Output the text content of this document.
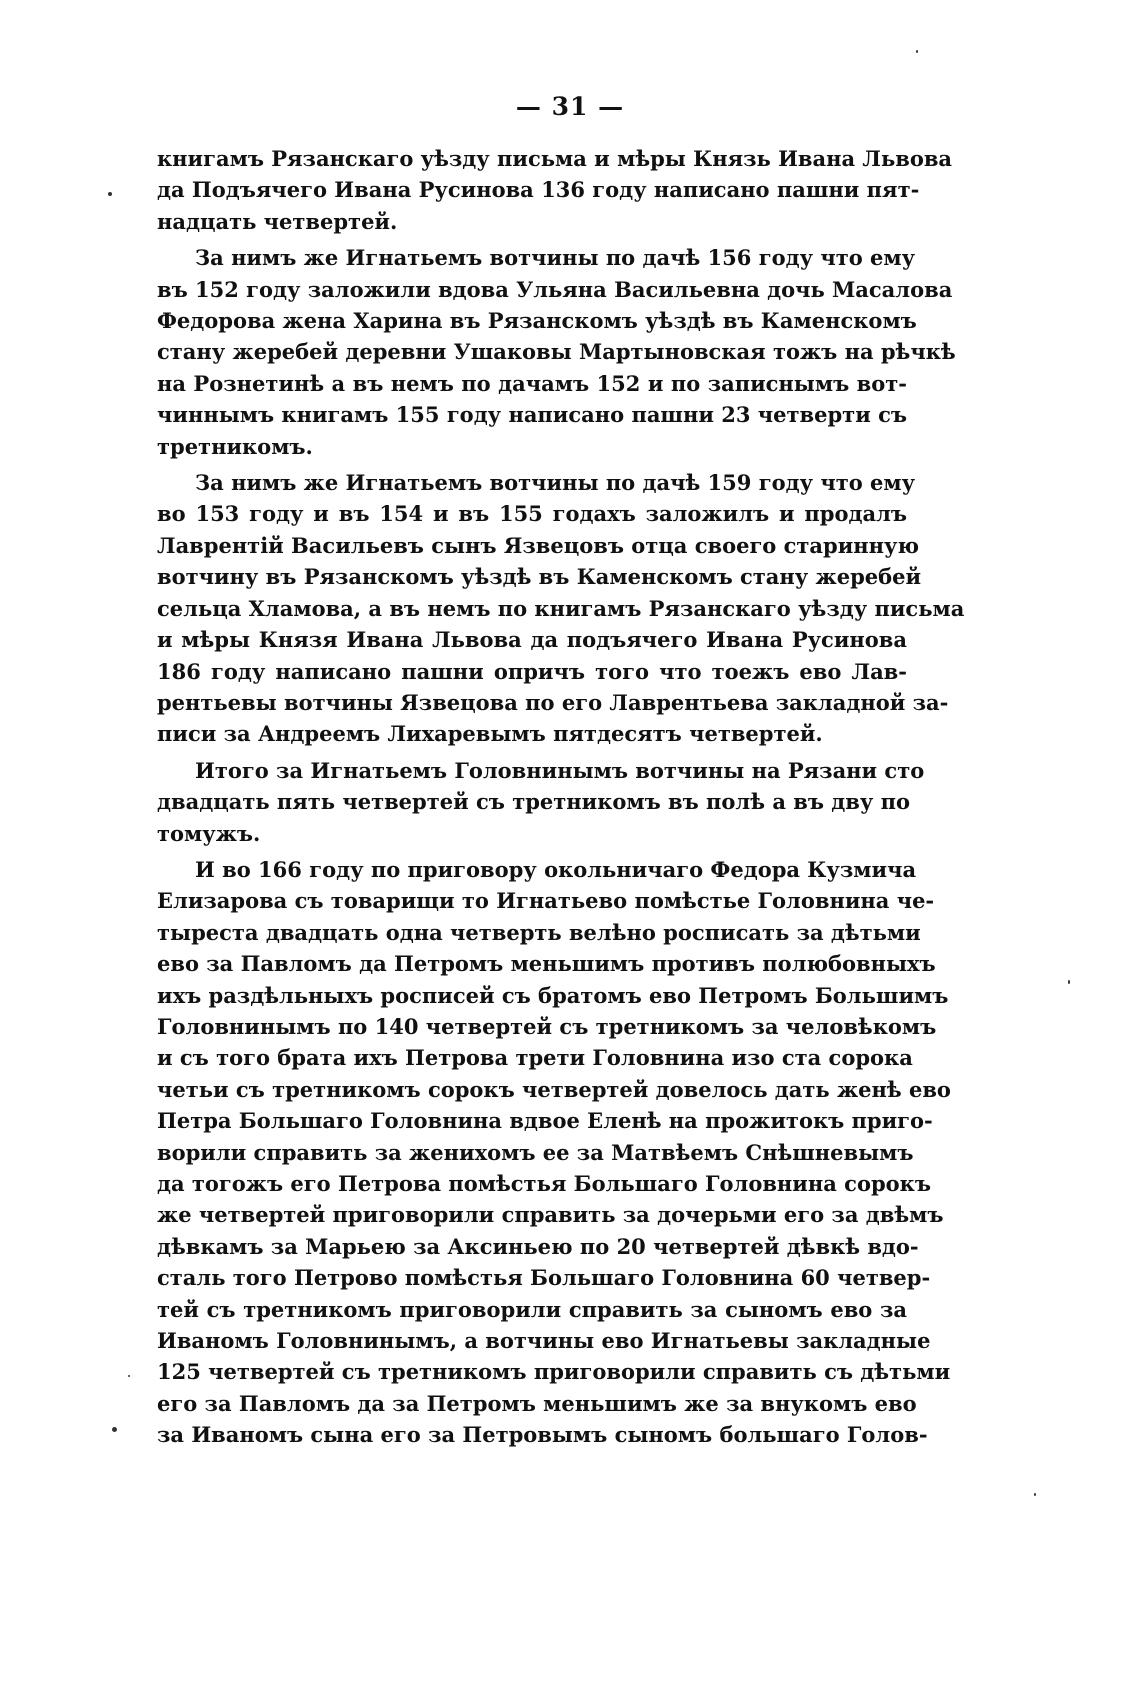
— 31 —

книгамъ Рязанскаго уѣзду письма и мѣры Князь Ивана Львова
да Подъячего Ивана Русинова 136 году написано пашни пят-
надцать четвертей.

За нимъ же Игнатьемъ вотчины по дачѣ 156 году что ему
въ 152 году заложили вдова Ульяна Васильевна дочь Масалова
Федорова жена Харина въ Рязанскомъ уѣздѣ въ Каменскомъ
стану жеребей деревни Ушаковы Мартыновская тожъ на рѣчкѣ
на Рознетинѣ а въ немъ по дачамъ 152 и по записнымъ вот-
чиннымъ книгамъ 155 году написано пашни 23 четверти съ
третникомъ.

За нимъ же Игнатьемъ вотчины по дачѣ 159 году что ему
во 153 году и въ 154 и въ 155 годахъ заложилъ и продалъ
Лаврентій Васильевъ сынъ Язвецовъ отца своего старинную
вотчину въ Рязанскомъ уѣздѣ въ Каменскомъ стану жеребей
сельца Хламова, а въ немъ по книгамъ Рязанскаго уѣзду письма
и мѣры Князя Ивана Львова да подъячего Ивана Русинова
186 году написано пашни опричъ того что тоежъ ево Лав-
рентьевы вотчины Язвецова по его Лаврентьева закладной за-
писи за Андреемъ Лихаревымъ пятдесятъ четвертей.

Итого за Игнатьемъ Головнинымъ вотчины на Рязани сто
двадцать пять четвертей съ третникомъ въ полѣ а въ дву по
томужъ.

И во 166 году по приговору окольничаго Федора Кузмича
Елизарова съ товарищи то Игнатьево помѣстье Головнина че-
тыреста двадцать одна четверть велѣно росписать за дѣтьми
ево за Павломъ да Петромъ меньшимъ противъ полюбовныхъ
ихъ раздѣльныхъ росписей съ братомъ ево Петромъ Большимъ
Головнинымъ по 140 четвертей съ третникомъ за человѣкомъ
и съ того брата ихъ Петрова трети Головнина изо ста сорока
четьи съ третникомъ сорокъ четвертей довелось дать женѣ ево
Петра Большаго Головнина вдвое Еленѣ на прожитокъ приго-
ворили справить за женихомъ ее за Матвѣемъ Снѣшневымъ
да тогожъ его Петрова помѣстья Большаго Головнина сорокъ
же четвертей приговорили справить за дочерьми его за двѣмъ
дѣвкамъ за Марьею за Аксиньею по 20 четвертей дѣвкѣ вдо-
сталь того Петрово помѣстья Большаго Головнина 60 четвер-
тей съ третникомъ приговорили справить за сыномъ ево за
Иваномъ Головнинымъ, а вотчины ево Игнатьевы закладные
125 четвертей съ третникомъ приговорили справить съ дѣтьми
его за Павломъ да за Петромъ меньшимъ же за внукомъ ево
за Иваномъ сына его за Петровымъ сыномъ большаго Голов-
